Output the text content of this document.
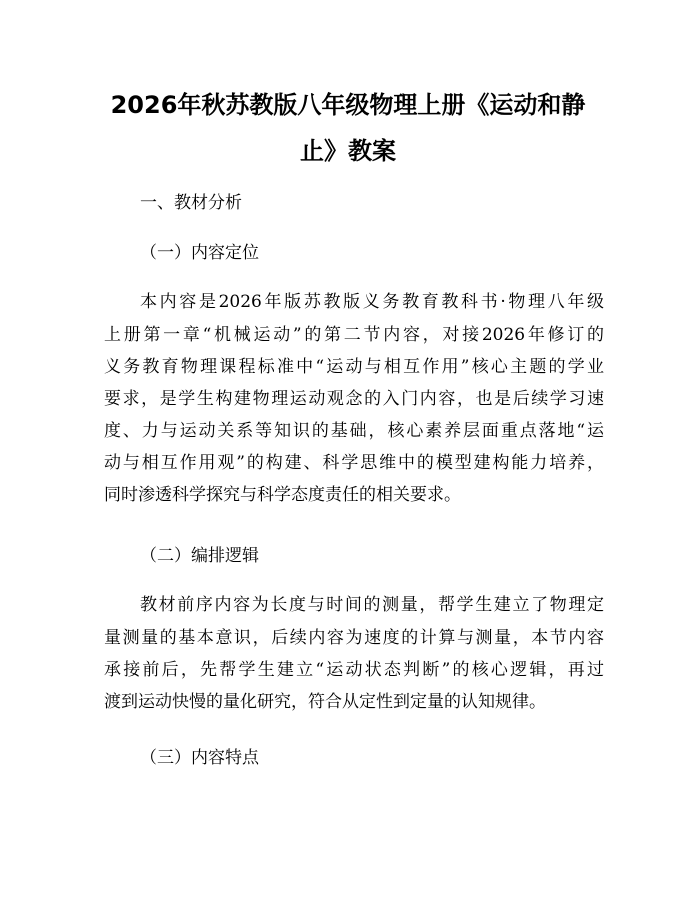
2026年秋苏教版八年级物理上册《运动和静
止》教案
一、教材分析
（一）内容定位
本内容是2026年版苏教版义务教育教科书·物理八年级
上册第一章“机械运动”的第二节内容，对接2026年修订的
义务教育物理课程标准中“运动与相互作用”核心主题的学业
要求，是学生构建物理运动观念的入门内容，也是后续学习速
度、力与运动关系等知识的基础，核心素养层面重点落地“运
动与相互作用观”的构建、科学思维中的模型建构能力培养，
同时渗透科学探究与科学态度责任的相关要求。
（二）编排逻辑
教材前序内容为长度与时间的测量，帮学生建立了物理定
量测量的基本意识，后续内容为速度的计算与测量，本节内容
承接前后，先帮学生建立“运动状态判断”的核心逻辑，再过
渡到运动快慢的量化研究，符合从定性到定量的认知规律。
（三）内容特点
